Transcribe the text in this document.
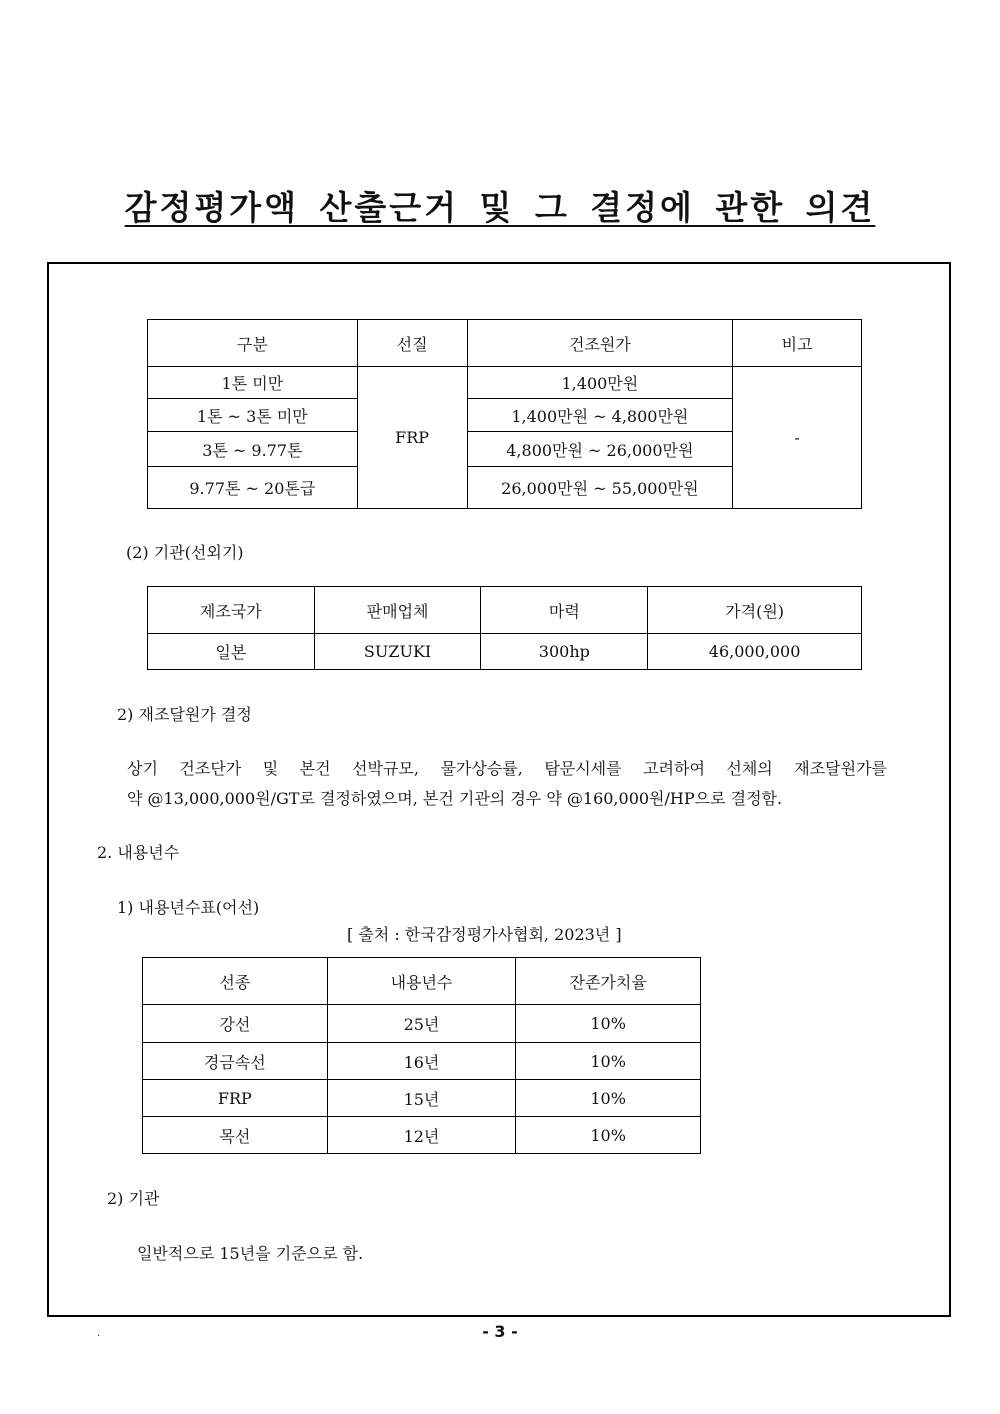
감정평가액 산출근거 및 그 결정에 관한 의견
구분	선질	건조원가	비고
1톤 미만	FRP	1,400만원	-
1톤 ~ 3톤 미만		1,400만원 ~ 4,800만원	
3톤 ~ 9.77톤		4,800만원 ~ 26,000만원	
9.77톤 ~ 20톤급		26,000만원 ~ 55,000만원	
(2) 기관(선외기)
제조국가	판매업체	마력	가격(원)
일본	SUZUKI	300hp	46,000,000
2) 재조달원가 결정
상기 건조단가 및 본건 선박규모, 물가상승률, 탐문시세를 고려하여 선체의 재조달원가를
약 @13,000,000원/GT로 결정하였으며, 본건 기관의 경우 약 @160,000원/HP으로 결정함.
2. 내용년수
1) 내용년수표(어선)
[ 출처 : 한국감정평가사협회, 2023년 ]
선종	내용년수	잔존가치율
강선	25년	10%
경금속선	16년	10%
FRP	15년	10%
목선	12년	10%
2) 기관
일반적으로 15년을 기준으로 함.
.	- 3 -
